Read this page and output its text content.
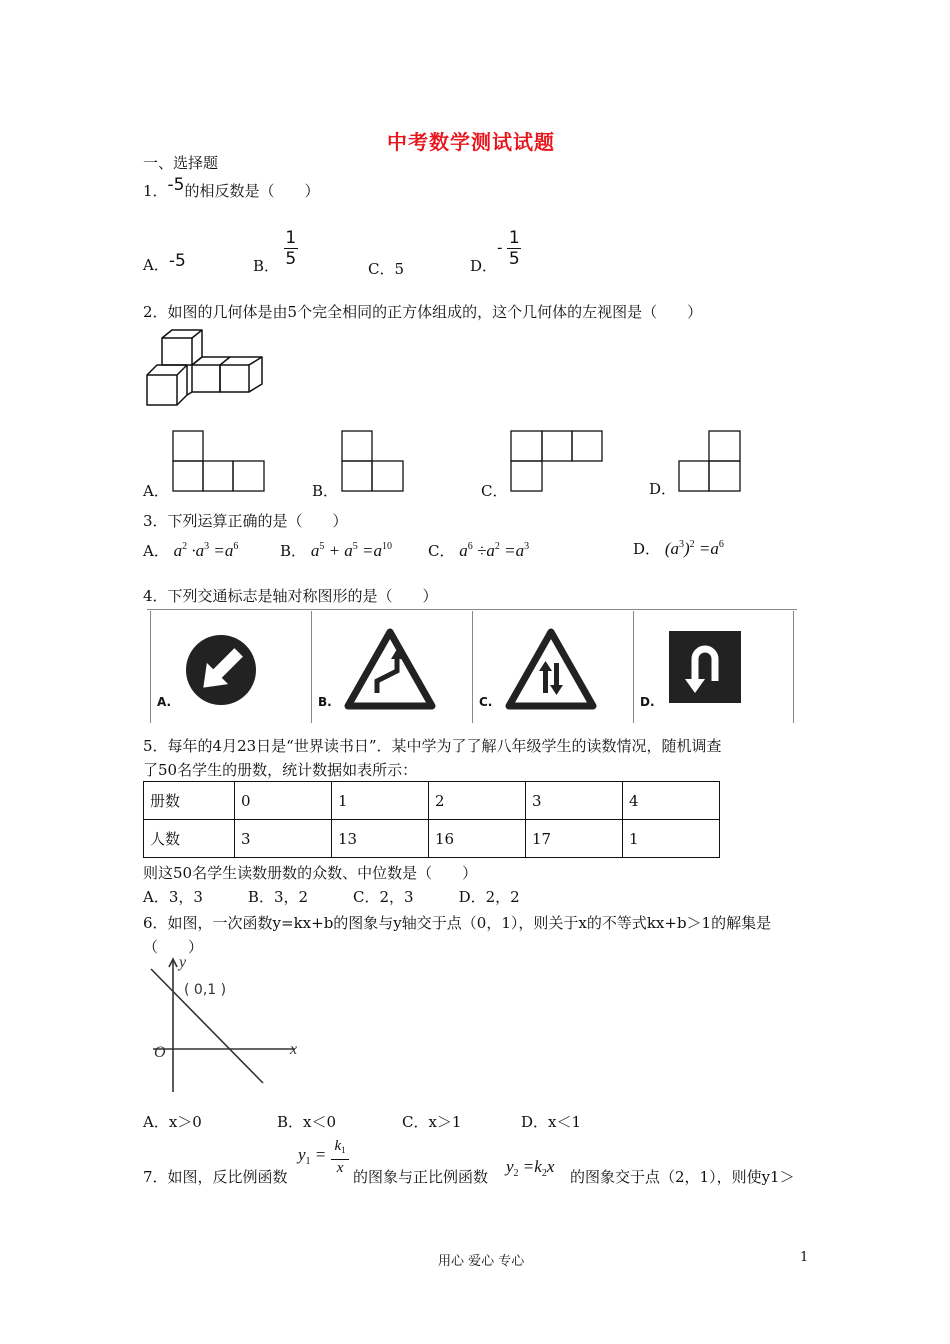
中考数学测试试题
一、选择题
1．-5的相反数是（　　）
A．-5	B． $\frac{1}{5}$	C．5	D．- $\frac{1}{5}$
2．如图的几何体是由5个完全相同的正方体组成的，这个几何体的左视图是（　　）
A．	B．	C．	D．
3．下列运算正确的是（　　）
A． $a^2 \cdot a^3 =a^6$	B． $a^5 + a^5 =a^{10}$ C． $a^6 \div a^2 =a^3$	D． $(a^3)^2 =a^6$
4．下列交通标志是轴对称图形的是（　　）
A.	B.	C.	D.
5．每年的4月23日是“世界读书日”．某中学为了了解八年级学生的读数情况，随机调查
了50名学生的册数，统计数据如表所示：
册数	0	1	2	3	4
人数	3	13	16	17	1
则这50名学生读数册数的众数、中位数是（　　）
A．3，3　　　B．3，2　　　C．2，3　　　D．2，2
6．如图，一次函数y=kx+b的图象与y轴交于点（0，1），则关于x的不等式kx+b＞1的解集是
（　　）
y
( 0,1 )
O	x
A．x＞0	B．x＜0	C．x＞1	D．x＜1
7．如图，反比例函数
$y_1 = \frac{k_1}{x}$ 的图象与正比例函数
$y_2 =k_2x$
的图象交于点（2，1），则使y1＞
用心 爱心 专心	1
